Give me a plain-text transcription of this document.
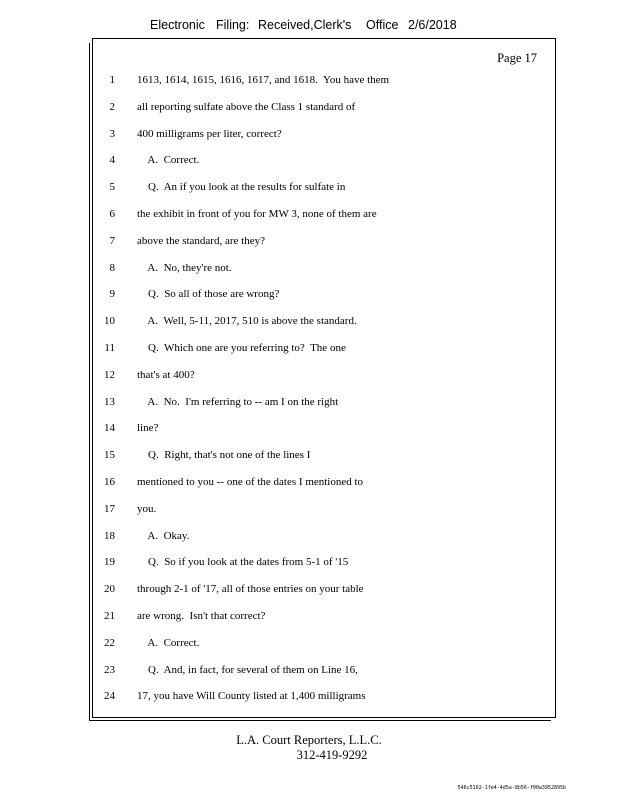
Electronic Filing: Received,Clerk's Office 2/6/2018
Page 17
1 1613, 1614, 1615, 1616, 1617, and 1618.  You have them
2 all reporting sulfate above the Class 1 standard of
3 400 milligrams per liter, correct?
4 A.  Correct.
5 Q.  An if you look at the results for sulfate in
6 the exhibit in front of you for MW 3, none of them are
7 above the standard, are they?
8 A.  No, they're not.
9 Q.  So all of those are wrong?
10 A.  Well, 5-11, 2017, 510 is above the standard.
11 Q.  Which one are you referring to?  The one
12 that's at 400?
13 A.  No.  I'm referring to -- am I on the right
14 line?
15 Q.  Right, that's not one of the lines I
16 mentioned to you -- one of the dates I mentioned to
17 you.
18 A.  Okay.
19 Q.  So if you look at the dates from 5-1 of '15
20 through 2-1 of '17, all of those entries on your table
21 are wrong.  Isn't that correct?
22 A.  Correct.
23 Q.  And, in fact, for several of them on Line 16,
24 17, you have Will County listed at 1,400 milligrams
L.A. Court Reporters, L.L.C.
312-419-9292
546c5102-1fe4-4d5a-8b56-f00a3952895b
